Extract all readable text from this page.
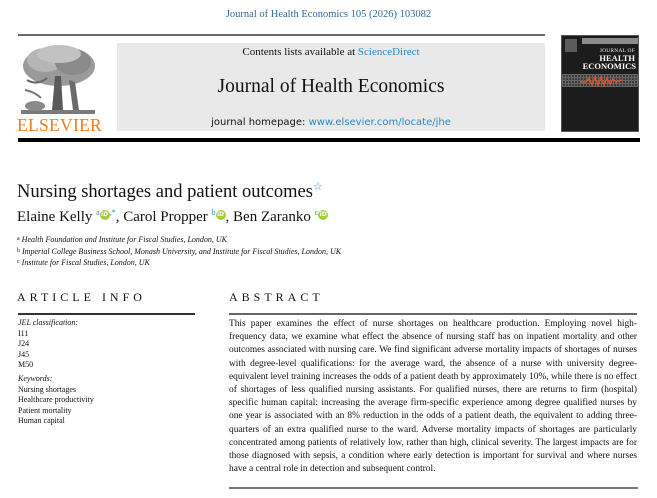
Journal of Health Economics 105 (2026) 103082
ELSEVIER
Contents lists available at ScienceDirect
Journal of Health Economics
journal homepage: www.elsevier.com/locate/jhe
JOURNAL OF
HEALTH
ECONOMICS
Nursing shortages and patient outcomes☆
Elaine Kelly $^a$iD,*, Carol Propper $^b$iD, Ben Zaranko $^c$iD
$^a$ Health Foundation and Institute for Fiscal Studies, London, UK
$^b$ Imperial College Business School, Monash University, and Institute for Fiscal Studies, London, UK
$^c$ Institute for Fiscal Studies, London, UK
ARTICLE INFO	ABSTRACT
JEL classification:
I11
J24
J45
M50
Keywords:
Nursing shortages
Healthcare productivity
Patient mortality
Human capital
This paper examines the effect of nurse shortages on healthcare production. Employing novel high-frequency data, we examine what effect the absence of nursing staff has on inpatient mortality and other outcomes associated with nursing care. We find significant adverse mortality impacts of shortages of nurses with degree-level qualifications: for the average ward, the absence of a nurse with university degree-equivalent level training increases the odds of a patient death by approximately 10%, while there is no effect of shortages of less qualified nursing assistants. For qualified nurses, there are returns to firm (hospital) specific human capital: increasing the average firm-specific experience among degree qualified nurses by one year is associated with an 8% reduction in the odds of a patient death, the equivalent to adding three-quarters of an extra qualified nurse to the ward. Adverse mortality impacts of shortages are particularly concentrated among patients of relatively low, rather than high, clinical severity. The largest impacts are for those diagnosed with sepsis, a condition where early detection is important for survival and where nurses have a central role in detection and subsequent control.
